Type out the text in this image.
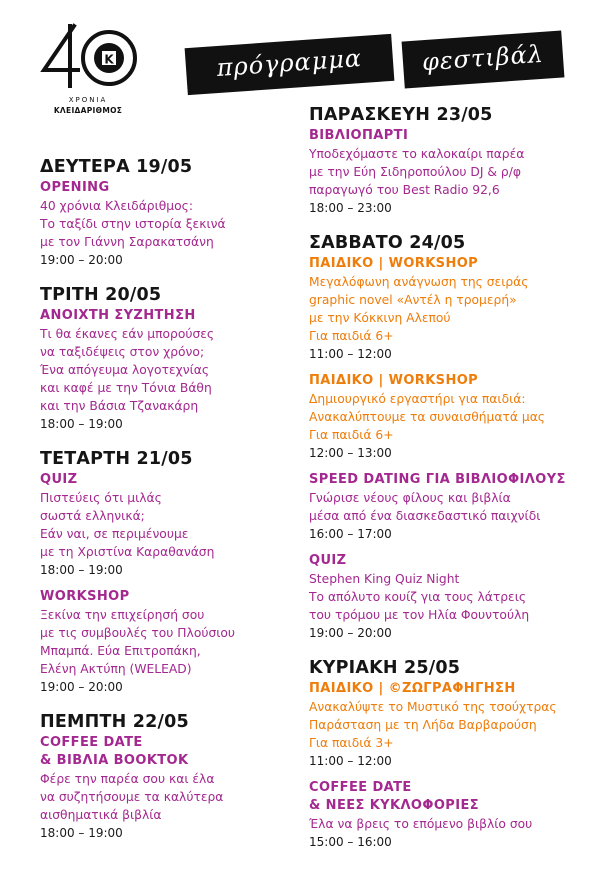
K
ΧΡΟΝΙΑ
ΚΛΕΙΔΑΡΙΘΜΟΣ
πρόγραμμα	φεστιβάλ
ΔΕΥΤΕΡΑ 19/05
OPENING
40 χρόνια Κλειδάριθμος:
Το ταξίδι στην ιστορία ξεκινά
με τον Γιάννη Σαρακατσάνη
19:00 – 20:00
ΤΡΙΤΗ 20/05
ΑΝΟΙΧΤΗ ΣΥΖΗΤΗΣΗ
Τι θα έκανες εάν μπορούσες
να ταξιδέψεις στον χρόνο;
Ένα απόγευμα λογοτεχνίας
και καφέ με την Τόνια Βάθη
και την Βάσια Τζανακάρη
18:00 – 19:00
ΤΕΤΑΡΤΗ 21/05
QUIZ
Πιστεύεις ότι μιλάς
σωστά ελληνικά;
Εάν ναι, σε περιμένουμε
με τη Χριστίνα Καραθανάση
18:00 – 19:00
WORKSHOP
Ξεκίνα την επιχείρησή σου
με τις συμβουλές του Πλούσιου
Μπαμπά. Εύα Επιτροπάκη,
Ελένη Ακτύπη (WELEAD)
19:00 – 20:00
ΠΕΜΠΤΗ 22/05
COFFEE DATE
& ΒΙΒΛΙΑ BOOKTOK
Φέρε την παρέα σου και έλα
να συζητήσουμε τα καλύτερα
αισθηματικά βιβλία
18:00 – 19:00
ΠΑΡΑΣΚΕΥΗ 23/05
ΒΙΒΛΙΟΠΑΡΤΙ
Υποδεχόμαστε το καλοκαίρι παρέα
με την Εύη Σιδηροπούλου DJ & ρ/φ
παραγωγό του Best Radio 92,6
18:00 – 23:00
ΣΑΒΒΑΤΟ 24/05
ΠΑΙΔΙΚΟ | WORKSHOP
Μεγαλόφωνη ανάγνωση της σειράς
graphic novel «Αντέλ η τρομερή»
με την Κόκκινη Αλεπού
Για παιδιά 6+
11:00 – 12:00
ΠΑΙΔΙΚΟ | WORKSHOP
Δημιουργικό εργαστήρι για παιδιά:
Ανακαλύπτουμε τα συναισθήματά μας
Για παιδιά 6+
12:00 – 13:00
SPEED DATING ΓΙΑ ΒΙΒΛΙΟΦΙΛΟΥΣ
Γνώρισε νέους φίλους και βιβλία
μέσα από ένα διασκεδαστικό παιχνίδι
16:00 – 17:00
QUIZ
Stephen King Quiz Night
Το απόλυτο κουίζ για τους λάτρεις
του τρόμου με τον Ηλία Φουντούλη
19:00 – 20:00
ΚΥΡΙΑΚΗ 25/05
ΠΑΙΔΙΚΟ | ©ΖΩΓΡΑΦΗΓΗΣΗ
Ανακαλύψτε το Μυστικό της τσούχτρας
Παράσταση με τη Λήδα Βαρβαρούση
Για παιδιά 3+
11:00 – 12:00
COFFEE DATE
& ΝΕΕΣ ΚΥΚΛΟΦΟΡΙΕΣ
Έλα να βρεις το επόμενο βιβλίο σου
15:00 – 16:00
